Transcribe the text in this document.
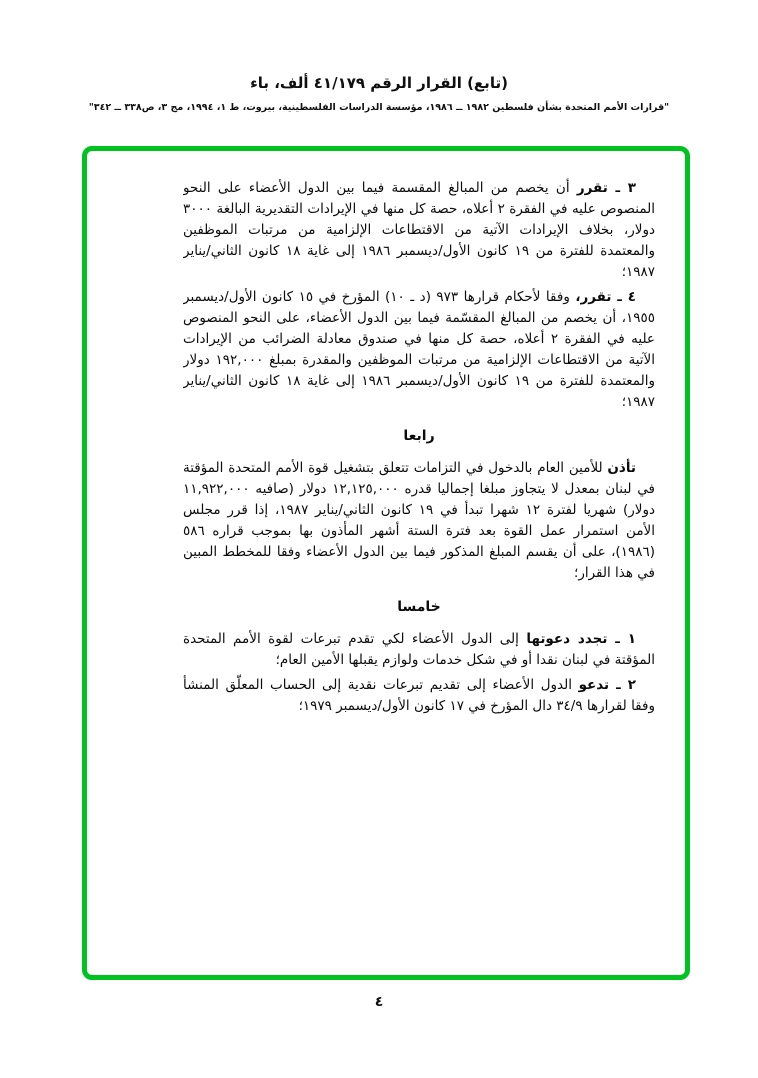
(تابع) القرار الرقم ٤١/١٧٩ ألف، باء

"قرارات الأمم المتحدة بشأن فلسطين ١٩٨٢ ــ ١٩٨٦، مؤسسة الدراسات الفلسطينية، بيروت، ط ١، ١٩٩٤، مج ٣، ص٣٣٨ ــ ٣٤٢"

٣ ـ تقرر أن يخصم من المبالغ المقسمة فيما بين الدول الأعضاء على النحو المنصوص عليه في الفقرة ٢ أعلاه، حصة كل منها في الإيرادات التقديرية البالغة ٣٠٠٠ دولار، بخلاف الإيرادات الآتية من الاقتطاعات الإلزامية من مرتبات الموظفين والمعتمدة للفترة من ١٩ كانون الأول/ديسمبر ١٩٨٦ إلى غاية ١٨ كانون الثاني/يناير ١٩٨٧؛

٤ ـ تقرر، وفقا لأحكام قرارها ٩٧٣ (د ـ ١٠) المؤرخ في ١٥ كانون الأول/ديسمبر ١٩٥٥، أن يخصم من المبالغ المقسّمة فيما بين الدول الأعضاء، على النحو المنصوص عليه في الفقرة ٢ أعلاه، حصة كل منها في صندوق معادلة الضرائب من الإيرادات الآتية من الاقتطاعات الإلزامية من مرتبات الموظفين والمقدرة بمبلغ ١٩٢,٠٠٠ دولار والمعتمدة للفترة من ١٩ كانون الأول/ديسمبر ١٩٨٦ إلى غاية ١٨ كانون الثاني/يناير ١٩٨٧؛

رابعا

تأذن للأمين العام بالدخول في التزامات تتعلق بتشغيل قوة الأمم المتحدة المؤقتة في لبنان بمعدل لا يتجاوز مبلغا إجماليا قدره ١٢,١٢٥,٠٠٠ دولار (صافيه ١١,٩٢٢,٠٠٠ دولار) شهريا لفترة ١٢ شهرا تبدأ في ١٩ كانون الثاني/يناير ١٩٨٧، إذا قرر مجلس الأمن استمرار عمل القوة بعد فترة الستة أشهر المأذون بها بموجب قراره ٥٨٦ (١٩٨٦)، على أن يقسم المبلغ المذكور فيما بين الدول الأعضاء وفقا للمخطط المبين في هذا القرار؛

خامسا

١ ـ تجدد دعوتها إلى الدول الأعضاء لكي تقدم تبرعات لقوة الأمم المتحدة المؤقتة في لبنان نقدا أو في شكل خدمات ولوازم يقبلها الأمين العام؛

٢ ـ تدعو الدول الأعضاء إلى تقديم تبرعات نقدية إلى الحساب المعلّق المنشأ وفقا لقرارها ٣٤/٩ دال المؤرخ في ١٧ كانون الأول/ديسمبر ١٩٧٩؛

٤
